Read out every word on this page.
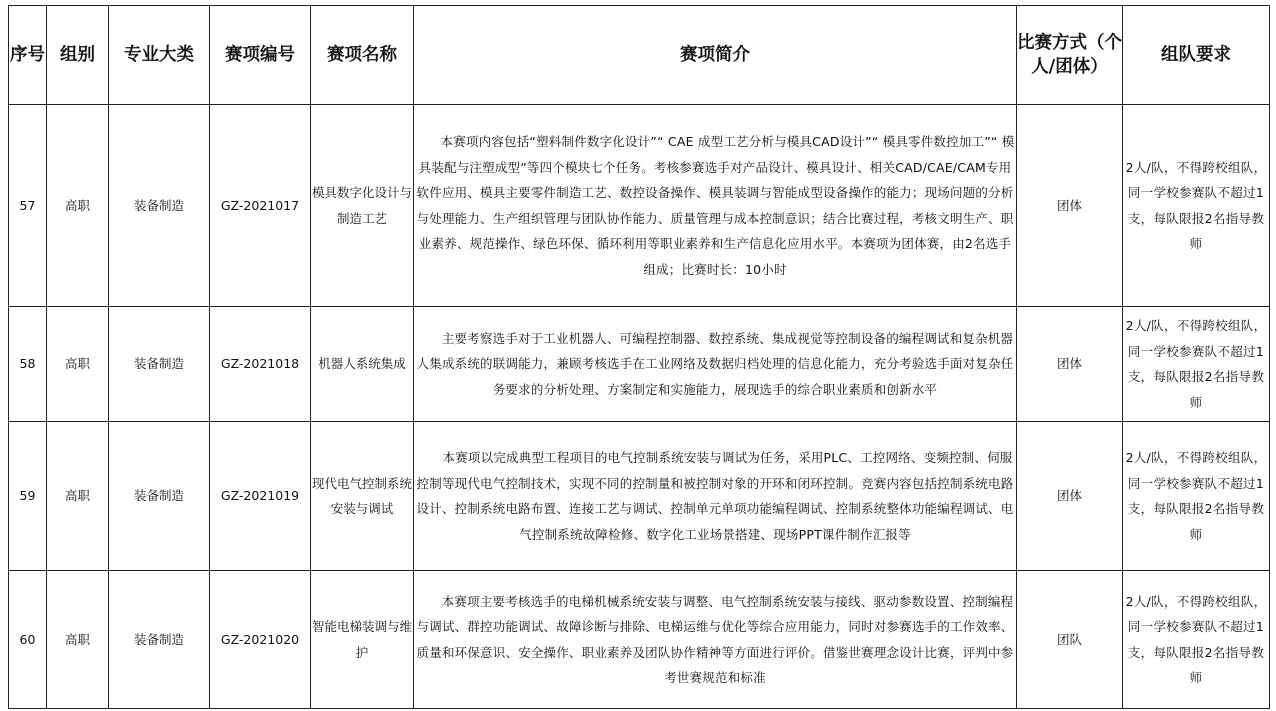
序号	组别	专业大类	赛项编号	赛项名称	赛项简介	比赛方式（个人/团体）	组队要求
57	高职	装备制造	GZ-2021017	模具数字化设计与制造工艺	本赛项内容包括“塑料制件数字化设计”“ CAE 成型工艺分析与模具CAD设计”“ 模具零件数控加工”“ 模具装配与注塑成型”等四个模块七个任务。考核参赛选手对产品设计、模具设计、相关CAD/CAE/CAM专用软件应用、模具主要零件制造工艺、数控设备操作、模具装调与智能成型设备操作的能力；现场问题的分析与处理能力、生产组织管理与团队协作能力、质量管理与成本控制意识；结合比赛过程，考核文明生产、职业素养、规范操作、绿色环保、循环利用等职业素养和生产信息化应用水平。本赛项为团体赛，由2名选手组成；比赛时长：10小时	团体	2人/队，不得跨校组队，同一学校参赛队不超过1支，每队限报2名指导教师
58	高职	装备制造	GZ-2021018	机器人系统集成	主要考察选手对于工业机器人、可编程控制器、数控系统、集成视觉等控制设备的编程调试和复杂机器人集成系统的联调能力，兼顾考核选手在工业网络及数据归档处理的信息化能力，充分考验选手面对复杂任务要求的分析处理、方案制定和实施能力，展现选手的综合职业素质和创新水平	团体	2人/队，不得跨校组队，同一学校参赛队不超过1支，每队限报2名指导教师
59	高职	装备制造	GZ-2021019	现代电气控制系统安装与调试	本赛项以完成典型工程项目的电气控制系统安装与调试为任务，采用PLC、工控网络、变频控制、伺服控制等现代电气控制技术，实现不同的控制量和被控制对象的开环和闭环控制。竞赛内容包括控制系统电路设计、控制系统电路布置、连接工艺与调试、控制单元单项功能编程调试、控制系统整体功能编程调试、电气控制系统故障检修、数字化工业场景搭建、现场PPT课件制作汇报等	团体	2人/队，不得跨校组队，同一学校参赛队不超过1支，每队限报2名指导教师
60	高职	装备制造	GZ-2021020	智能电梯装调与维护	本赛项主要考核选手的电梯机械系统安装与调整、电气控制系统安装与接线、驱动参数设置、控制编程与调试、群控功能调试、故障诊断与排除、电梯运维与优化等综合应用能力，同时对参赛选手的工作效率、质量和环保意识、安全操作、职业素养及团队协作精神等方面进行评价。借鉴世赛理念设计比赛，评判中参考世赛规范和标准	团队	2人/队，不得跨校组队，同一学校参赛队不超过1支，每队限报2名指导教师
